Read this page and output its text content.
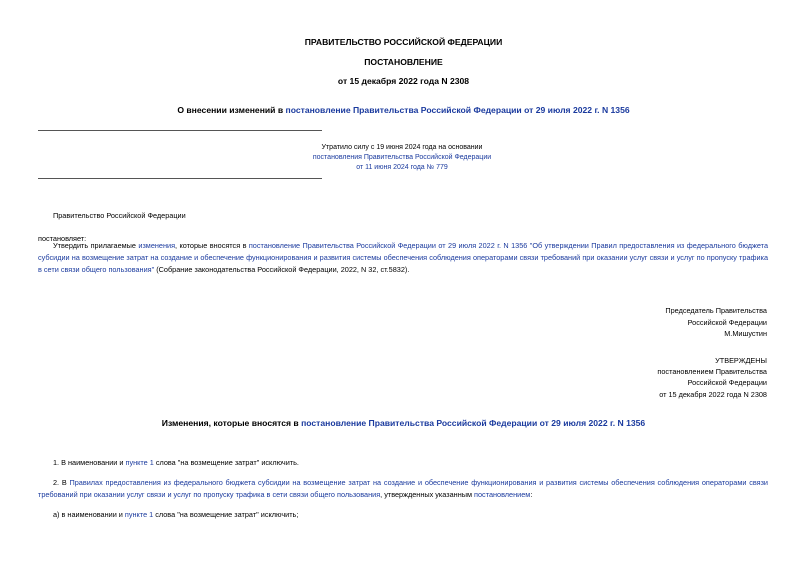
ПРАВИТЕЛЬСТВО РОССИЙСКОЙ ФЕДЕРАЦИИ
ПОСТАНОВЛЕНИЕ
от 15 декабря 2022 года N 2308
О внесении изменений в постановление Правительства Российской Федерации от 29 июля 2022 г. N 1356
Утратило силу с 19 июня 2024 года на основании
постановления Правительства Российской Федерации
от 11 июня 2024 года № 779
Правительство Российской Федерации
постановляет:
Утвердить прилагаемые изменения, которые вносятся в постановление Правительства Российской Федерации от 29 июля 2022 г. N 1356 "Об утверждении Правил предоставления из федерального бюджета субсидии на возмещение затрат на создание и обеспечение функционирования и развития системы обеспечения соблюдения операторами связи требований при оказании услуг связи и услуг по пропуску трафика в сети связи общего пользования" (Собрание законодательства Российской Федерации, 2022, N 32, ст.5832).
Председатель Правительства
Российской Федерации
М.Мишустин
УТВЕРЖДЕНЫ
постановлением Правительства
Российской Федерации
от 15 декабря 2022 года N 2308
Изменения, которые вносятся в постановление Правительства Российской Федерации от 29 июля 2022 г. N 1356
1. В наименовании и пункте 1 слова "на возмещение затрат" исключить.
2. В Правилах предоставления из федерального бюджета субсидии на возмещение затрат на создание и обеспечение функционирования и развития системы обеспечения соблюдения операторами связи требований при оказании услуг связи и услуг по пропуску трафика в сети связи общего пользования, утвержденных указанным постановлением:
а) в наименовании и пункте 1 слова "на возмещение затрат" исключить;
